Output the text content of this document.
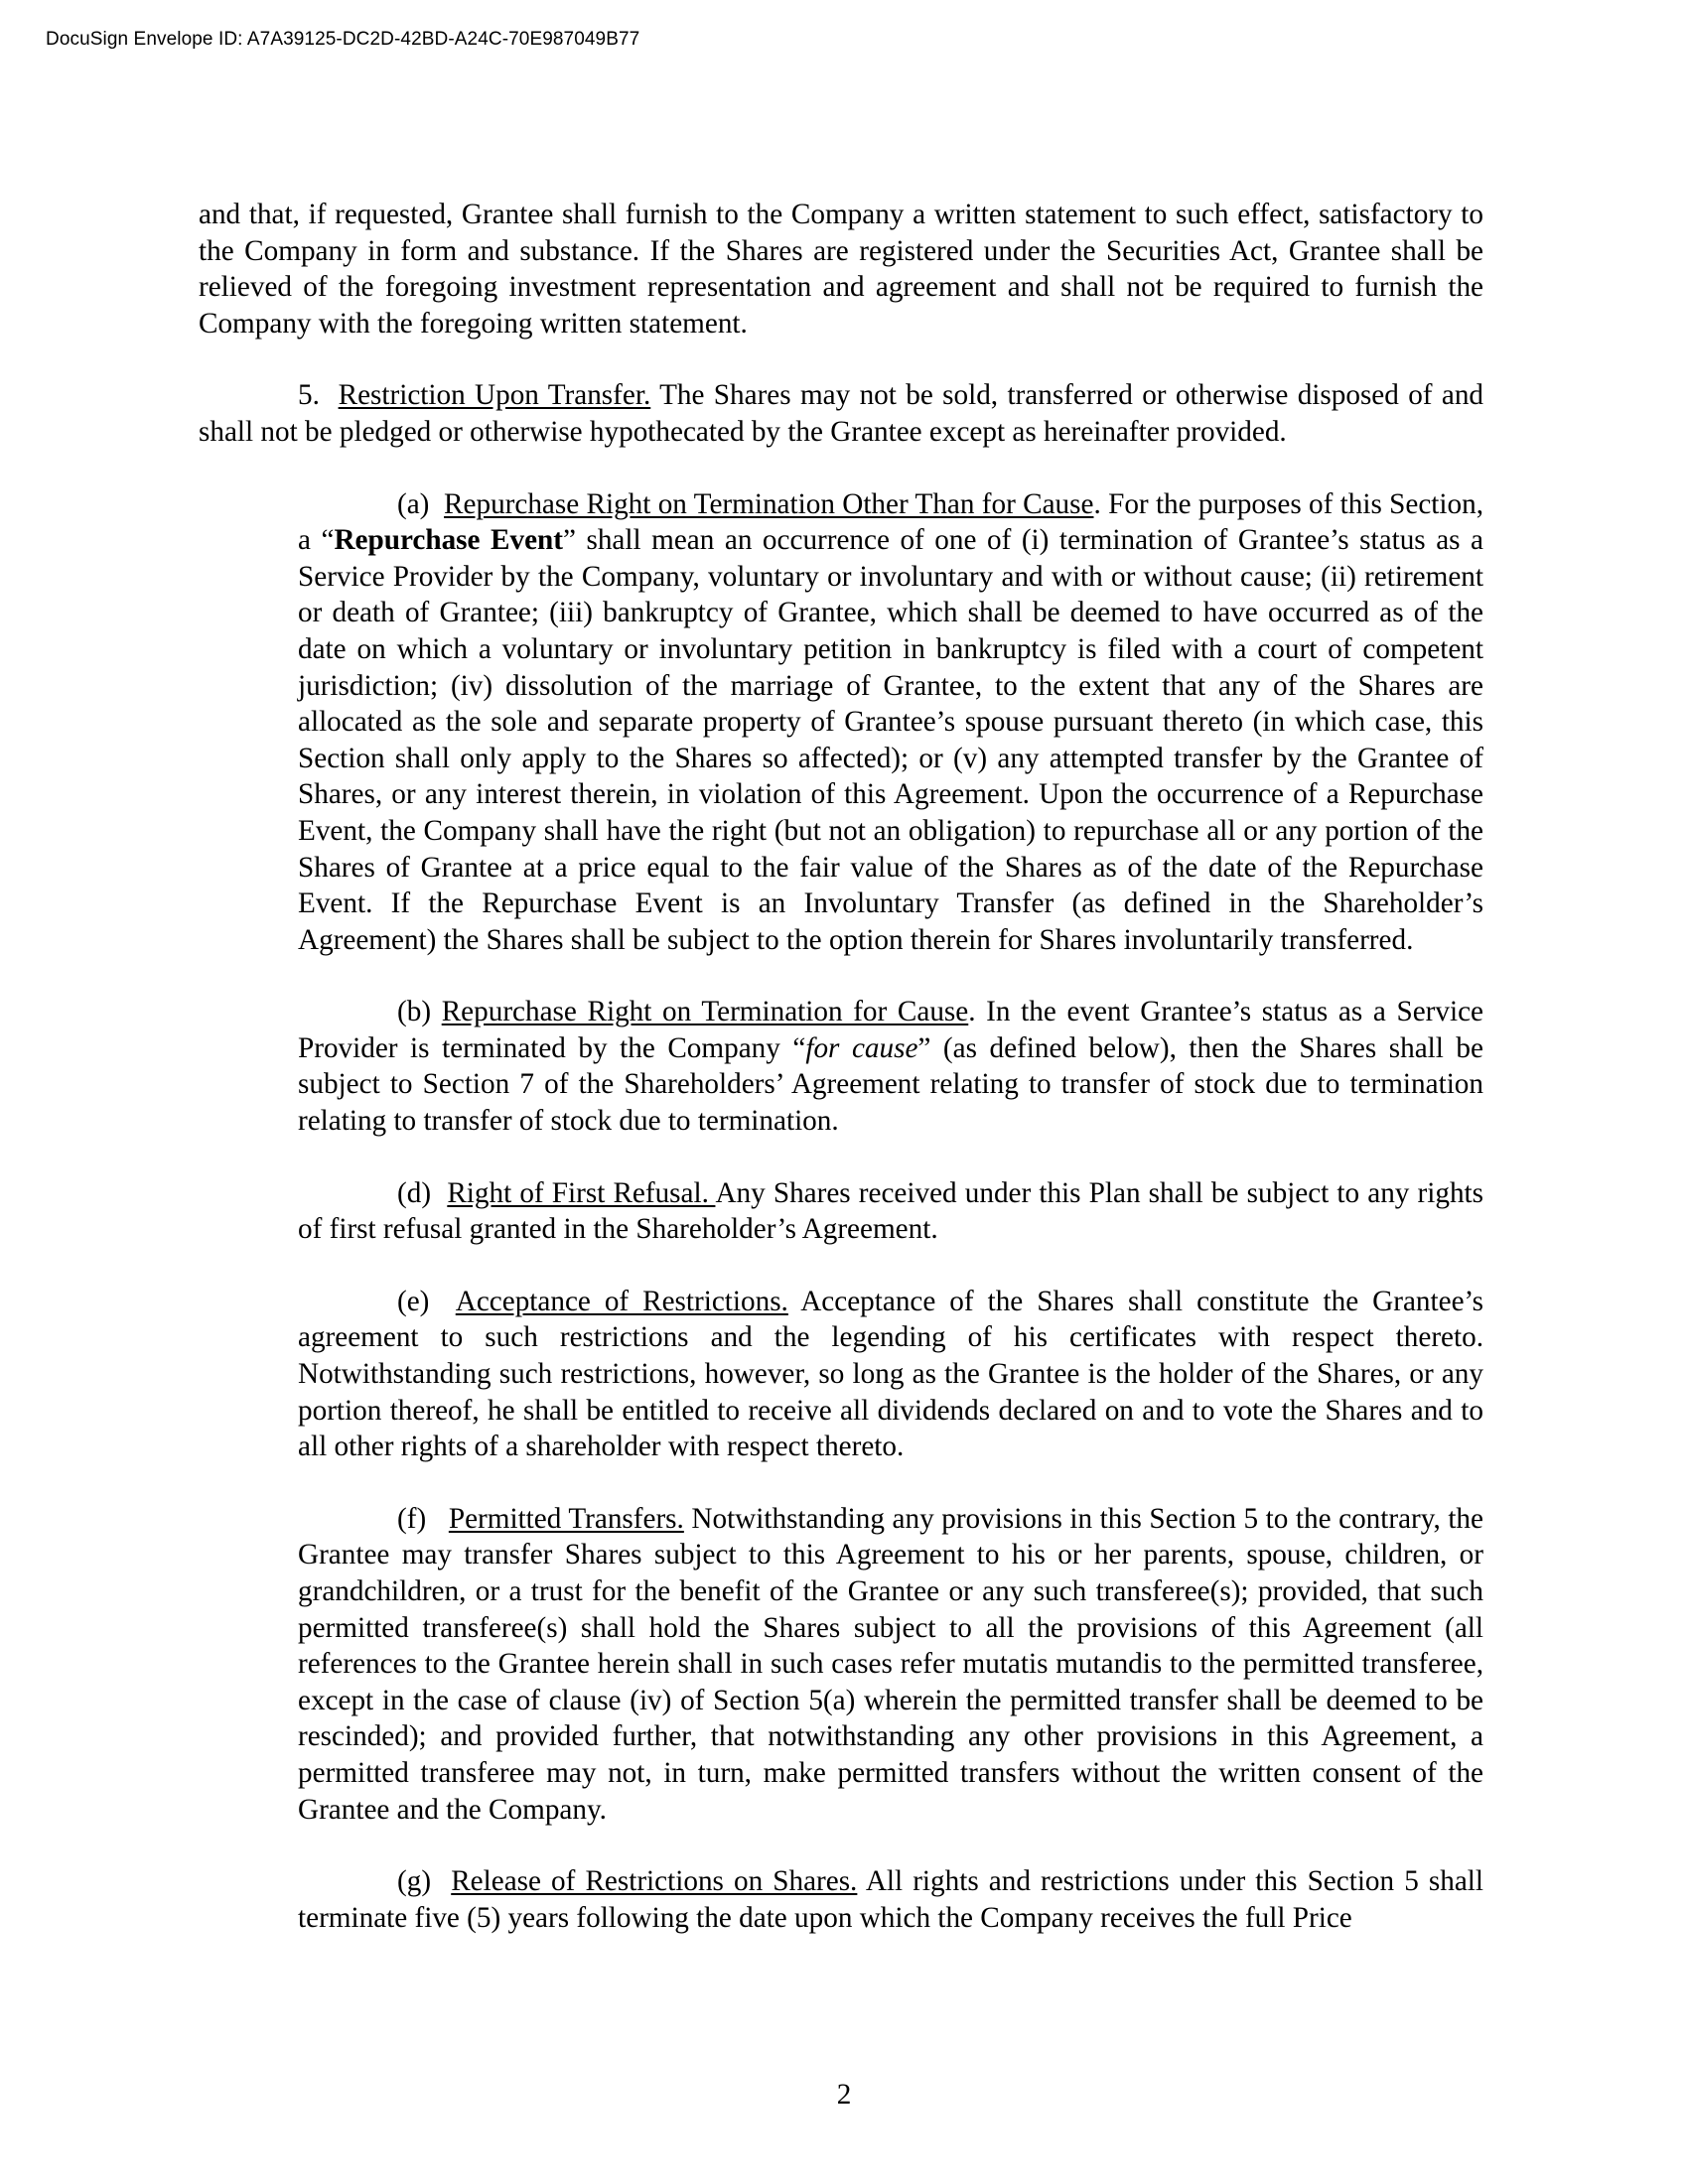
DocuSign Envelope ID: A7A39125-DC2D-42BD-A24C-70E987049B77

and that, if requested, Grantee shall furnish to the Company a written statement to such effect, satisfactory to the Company in form and substance. If the Shares are registered under the Securities Act, Grantee shall be relieved of the foregoing investment representation and agreement and shall not be required to furnish the Company with the foregoing written statement.

5. Restriction Upon Transfer. The Shares may not be sold, transferred or otherwise disposed of and shall not be pledged or otherwise hypothecated by the Grantee except as hereinafter provided.

(a) Repurchase Right on Termination Other Than for Cause. For the purposes of this Section, a “Repurchase Event” shall mean an occurrence of one of (i) termination of Grantee’s status as a Service Provider by the Company, voluntary or involuntary and with or without cause; (ii) retirement or death of Grantee; (iii) bankruptcy of Grantee, which shall be deemed to have occurred as of the date on which a voluntary or involuntary petition in bankruptcy is filed with a court of competent jurisdiction; (iv) dissolution of the marriage of Grantee, to the extent that any of the Shares are allocated as the sole and separate property of Grantee’s spouse pursuant thereto (in which case, this Section shall only apply to the Shares so affected); or (v) any attempted transfer by the Grantee of Shares, or any interest therein, in violation of this Agreement. Upon the occurrence of a Repurchase Event, the Company shall have the right (but not an obligation) to repurchase all or any portion of the Shares of Grantee at a price equal to the fair value of the Shares as of the date of the Repurchase Event. If the Repurchase Event is an Involuntary Transfer (as defined in the Shareholder’s Agreement) the Shares shall be subject to the option therein for Shares involuntarily transferred.

(b) Repurchase Right on Termination for Cause. In the event Grantee’s status as a Service Provider is terminated by the Company “for cause” (as defined below), then the Shares shall be subject to Section 7 of the Shareholders’ Agreement relating to transfer of stock due to termination relating to transfer of stock due to termination.

(d) Right of First Refusal. Any Shares received under this Plan shall be subject to any rights of first refusal granted in the Shareholder’s Agreement.

(e) Acceptance of Restrictions. Acceptance of the Shares shall constitute the Grantee’s agreement to such restrictions and the legending of his certificates with respect thereto. Notwithstanding such restrictions, however, so long as the Grantee is the holder of the Shares, or any portion thereof, he shall be entitled to receive all dividends declared on and to vote the Shares and to all other rights of a shareholder with respect thereto.

(f) Permitted Transfers. Notwithstanding any provisions in this Section 5 to the contrary, the Grantee may transfer Shares subject to this Agreement to his or her parents, spouse, children, or grandchildren, or a trust for the benefit of the Grantee or any such transferee(s); provided, that such permitted transferee(s) shall hold the Shares subject to all the provisions of this Agreement (all references to the Grantee herein shall in such cases refer mutatis mutandis to the permitted transferee, except in the case of clause (iv) of Section 5(a) wherein the permitted transfer shall be deemed to be rescinded); and provided further, that notwithstanding any other provisions in this Agreement, a permitted transferee may not, in turn, make permitted transfers without the written consent of the Grantee and the Company.

(g) Release of Restrictions on Shares. All rights and restrictions under this Section 5 shall terminate five (5) years following the date upon which the Company receives the full Price

2
